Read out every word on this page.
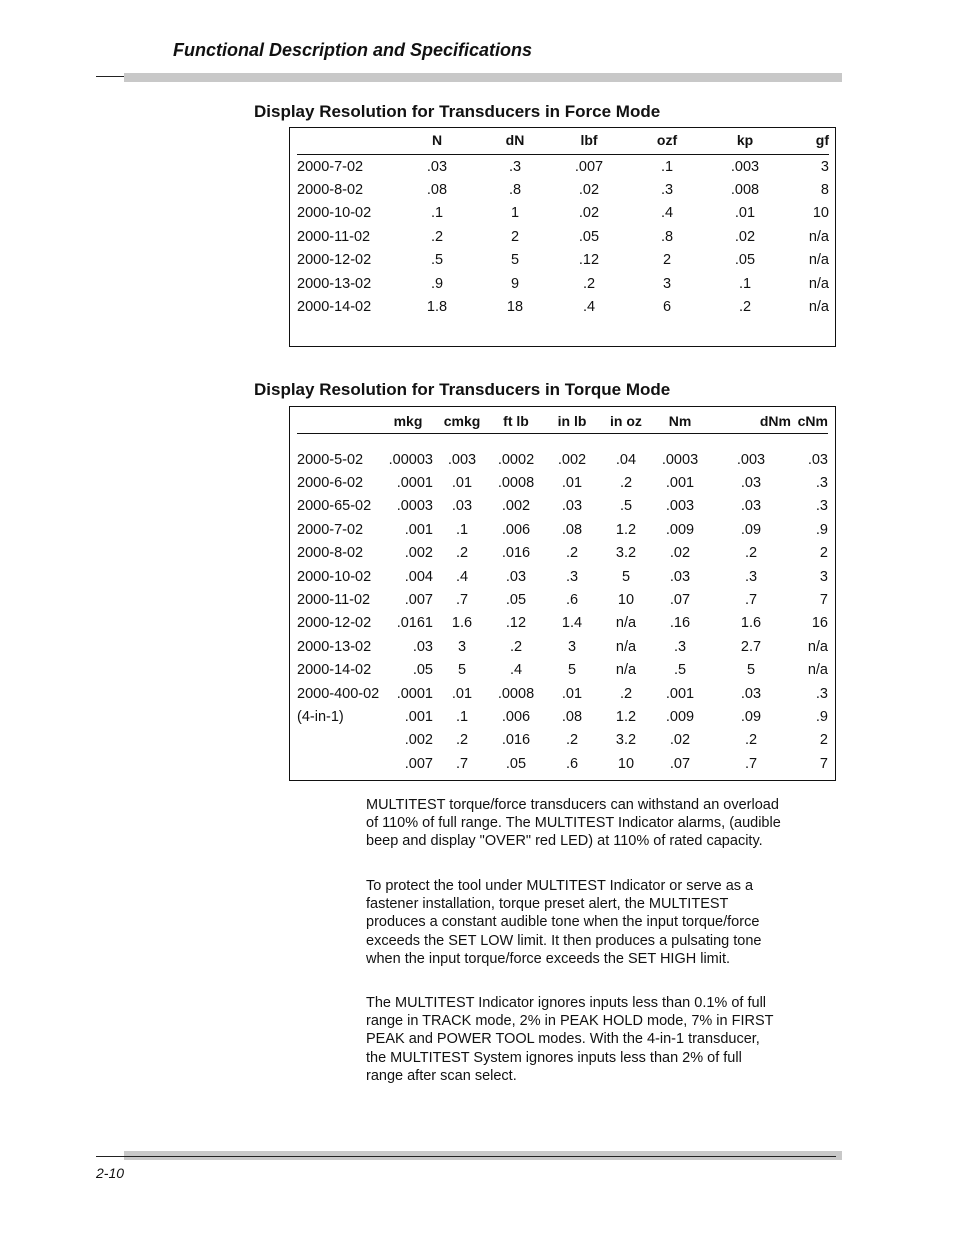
Functional Description and Specifications
Display Resolution for Transducers in Force Mode
	N	dN	lbf	ozf	kp	gf
2000-7-02	.03	.3	.007	.1	.003	3
2000-8-02	.08	.8	.02	.3	.008	8
2000-10-02	.1	1	.02	.4	.01	10
2000-11-02	.2	2	.05	.8	.02	n/a
2000-12-02	.5	5	.12	2	.05	n/a
2000-13-02	.9	9	.2	3	.1	n/a
2000-14-02	1.8	18	.4	6	.2	n/a
Display Resolution for Transducers in Torque Mode
	mkg	cmkg	ft lb	in lb	in oz	Nm	dNm	cNm

2000-5-02	.00003	.003	.0002	.002	.04	.0003	.003	.03
2000-6-02	.0001	.01	.0008	.01	.2	.001	.03	.3
2000-65-02	.0003	.03	.002	.03	.5	.003	.03	.3
2000-7-02	.001	.1	.006	.08	1.2	.009	.09	.9
2000-8-02	.002	.2	.016	.2	3.2	.02	.2	2
2000-10-02	.004	.4	.03	.3	5	.03	.3	3
2000-11-02	.007	.7	.05	.6	10	.07	.7	7
2000-12-02	.0161	1.6	.12	1.4	n/a	.16	1.6	16
2000-13-02	.03	3	.2	3	n/a	.3	2.7	n/a
2000-14-02	.05	5	.4	5	n/a	.5	5	n/a
2000-400-02	.0001	.01	.0008	.01	.2	.001	.03	.3
(4-in-1)	.001	.1	.006	.08	1.2	.009	.09	.9
	.002	.2	.016	.2	3.2	.02	.2	2
	.007	.7	.05	.6	10	.07	.7	7
MULTITEST torque/force transducers can withstand an overload
of 110% of full range. The MULTITEST Indicator alarms, (audible
beep and display "OVER" red LED) at 110% of rated capacity.
To protect the tool under MULTITEST Indicator or serve as a
fastener installation, torque preset alert, the MULTITEST
produces a constant audible tone when the input torque/force
exceeds the SET LOW limit. It then produces a pulsating tone
when the input torque/force exceeds the SET HIGH limit.
The MULTITEST Indicator ignores inputs less than 0.1% of full
range in TRACK mode, 2% in PEAK HOLD mode, 7% in FIRST
PEAK and POWER TOOL modes. With the 4-in-1 transducer,
the MULTITEST System ignores inputs less than 2% of full
range after scan select.
2-10
